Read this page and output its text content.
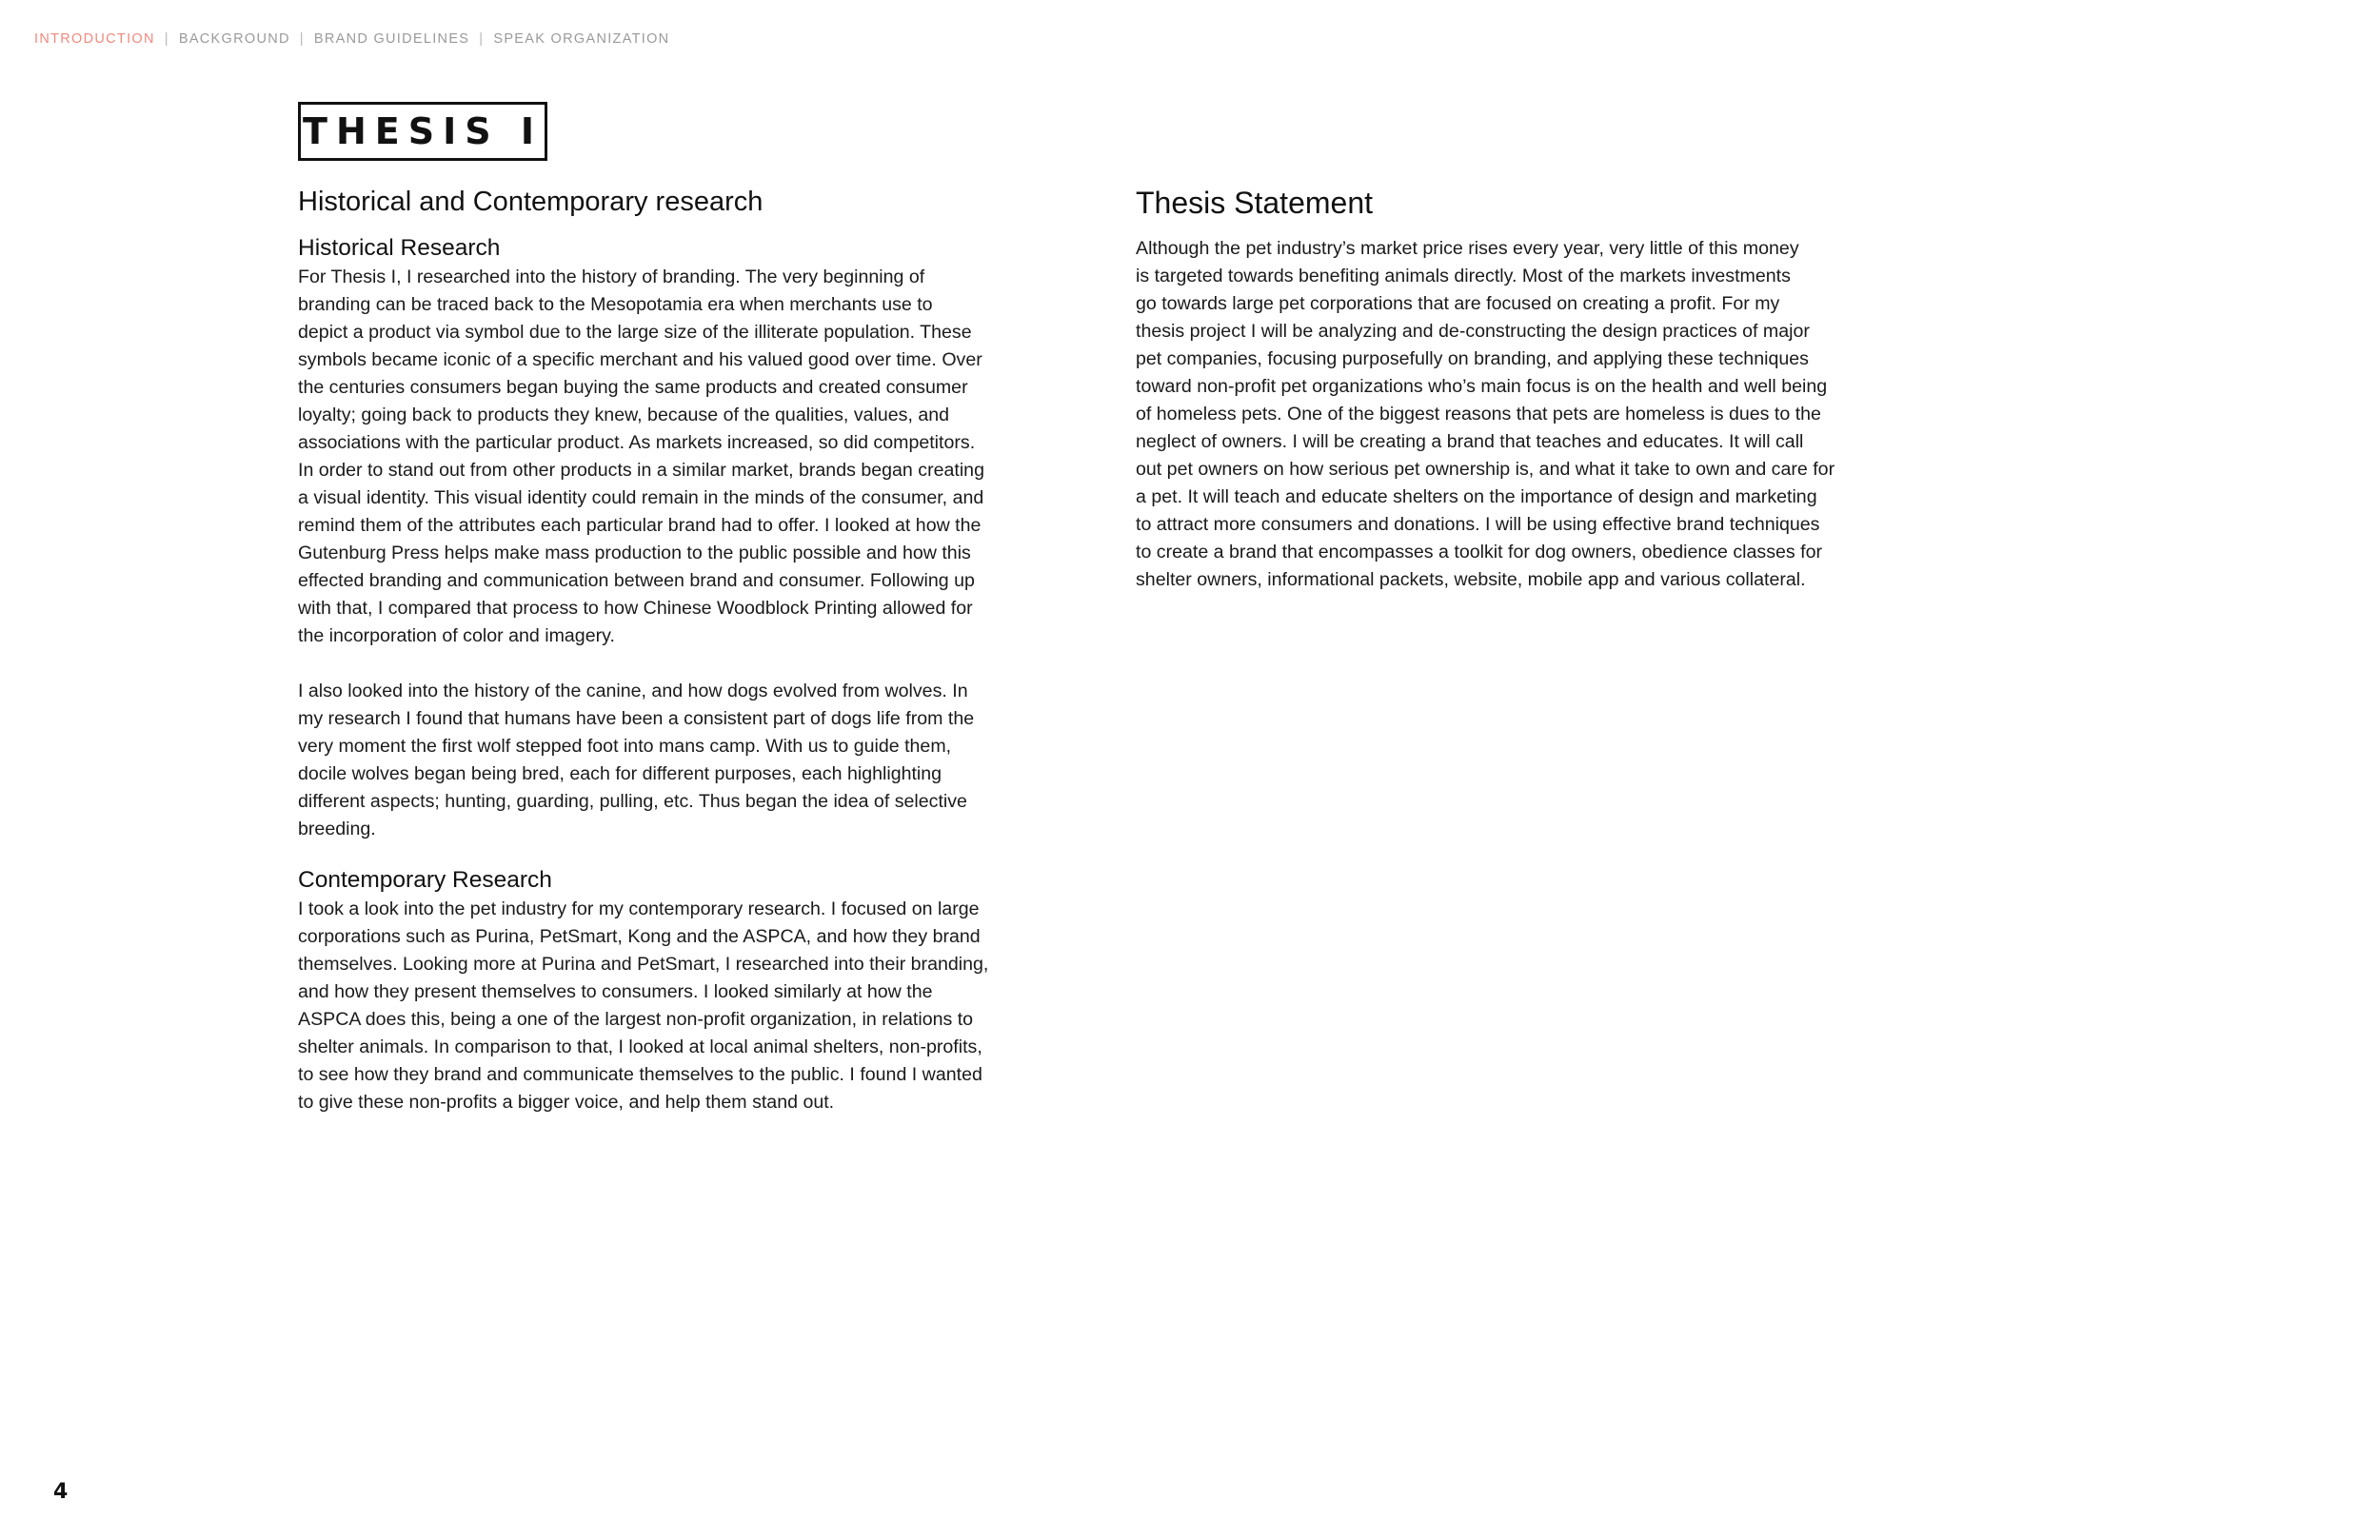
INTRODUCTION | BACKGROUND | BRAND GUIDELINES | SPEAK ORGANIZATION
THESIS I
Historical and Contemporary research
Historical Research
For Thesis I, I researched into the history of branding. The very beginning of
branding can be traced back to the Mesopotamia era when merchants use to
depict a product via symbol due to the large size of the illiterate population. These
symbols became iconic of a specific merchant and his valued good over time. Over
the centuries consumers began buying the same products and created consumer
loyalty; going back to products they knew, because of the qualities, values, and
associations with the particular product. As markets increased, so did competitors.
In order to stand out from other products in a similar market, brands began creating
a visual identity. This visual identity could remain in the minds of the consumer, and
remind them of the attributes each particular brand had to offer. I looked at how the
Gutenburg Press helps make mass production to the public possible and how this
effected branding and communication between brand and consumer. Following up
with that, I compared that process to how Chinese Woodblock Printing allowed for
the incorporation of color and imagery.
I also looked into the history of the canine, and how dogs evolved from wolves. In
my research I found that humans have been a consistent part of dogs life from the
very moment the first wolf stepped foot into mans camp. With us to guide them,
docile wolves began being bred, each for different purposes, each highlighting
different aspects; hunting, guarding, pulling, etc. Thus began the idea of selective
breeding.
Contemporary Research
I took a look into the pet industry for my contemporary research. I focused on large
corporations such as Purina, PetSmart, Kong and the ASPCA, and how they brand
themselves. Looking more at Purina and PetSmart, I researched into their branding,
and how they present themselves to consumers. I looked similarly at how the
ASPCA does this, being a one of the largest non-profit organization, in relations to
shelter animals. In comparison to that, I looked at local animal shelters, non-profits,
to see how they brand and communicate themselves to the public. I found I wanted
to give these non-profits a bigger voice, and help them stand out.
Thesis Statement
Although the pet industry’s market price rises every year, very little of this money
is targeted towards benefiting animals directly. Most of the markets investments
go towards large pet corporations that are focused on creating a profit. For my
thesis project I will be analyzing and de-constructing the design practices of major
pet companies, focusing purposefully on branding, and applying these techniques
toward non-profit pet organizations who’s main focus is on the health and well being
of homeless pets. One of the biggest reasons that pets are homeless is dues to the
neglect of owners. I will be creating a brand that teaches and educates. It will call
out pet owners on how serious pet ownership is, and what it take to own and care for
a pet. It will teach and educate shelters on the importance of design and marketing
to attract more consumers and donations. I will be using effective brand techniques
to create a brand that encompasses a toolkit for dog owners, obedience classes for
shelter owners, informational packets, website, mobile app and various collateral.
4
